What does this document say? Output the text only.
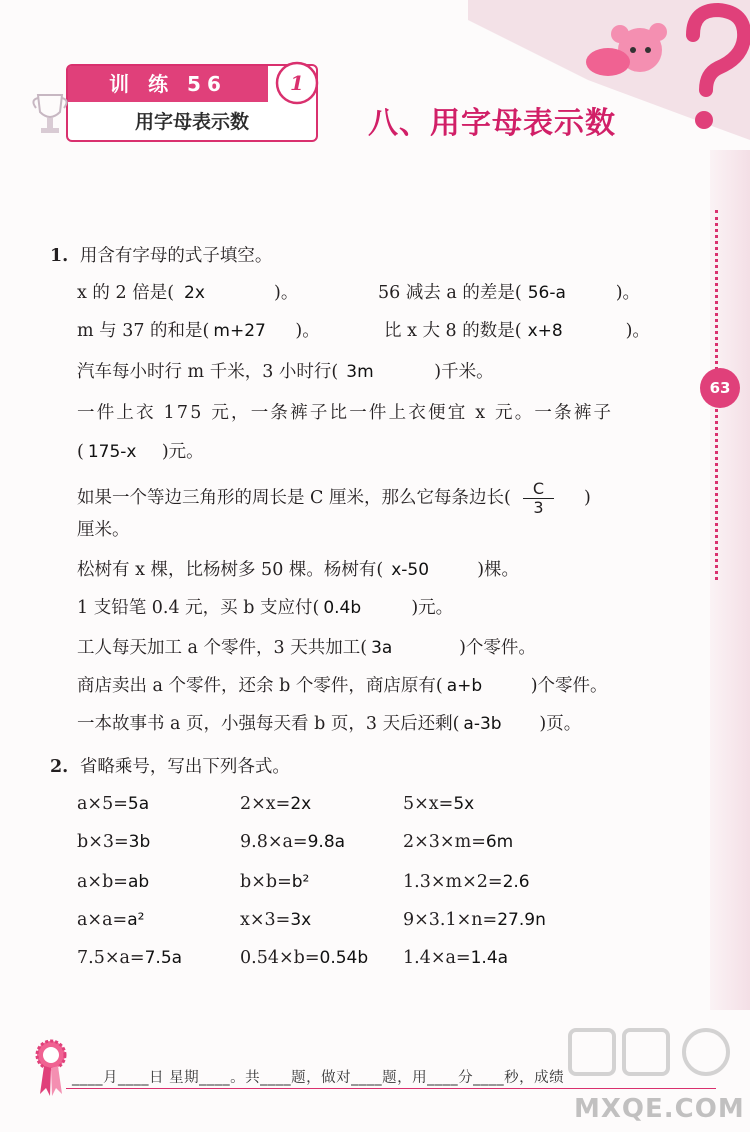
训 练 56
用字母表示数
1
八、用字母表示数
63
1. 用含有字母的式子填空。
x 的 2 倍是( 2x	)。	56 减去 a 的差是( 56-a	)。
m 与 37 的和是( m+27 )。	比 x 大 8 的数是( x+8	)。
汽车每小时行 m 千米，3 小时行( 3m	)千米。
一件上衣 175 元，一条裤子比一件上衣便宜 x 元。一条裤子
( 175-x )元。
如果一个等边三角形的周长是 C 厘米，那么它每条边长( $\frac{C}{3}$ )
厘米。
松树有 x 棵，比杨树多 50 棵。杨树有( x-50	)棵。
1 支铅笔 0.4 元，买 b 支应付( 0.4b	)元。
工人每天加工 a 个零件，3 天共加工( 3a	)个零件。
商店卖出 a 个零件，还余 b 个零件，商店原有( a+b	)个零件。
一本故事书 a 页，小强每天看 b 页，3 天后还剩( a-3b )页。
2. 省略乘号，写出下列各式。
a×5=5a	2×x=2x	5×x=5x
b×3=3b	9.8×a=9.8a	2×3×m=6m
a×b=ab	b×b=b²	1.3×m×2=2.6
a×a=a²	x×3=3x	9×3.1×n=27.9n
7.5×a=7.5a	0.54×b=0.54b 1.4×a=1.4a
____月____日 星期____。共____题，做对____题，用____分____秒，成绩
MXQE.COM
